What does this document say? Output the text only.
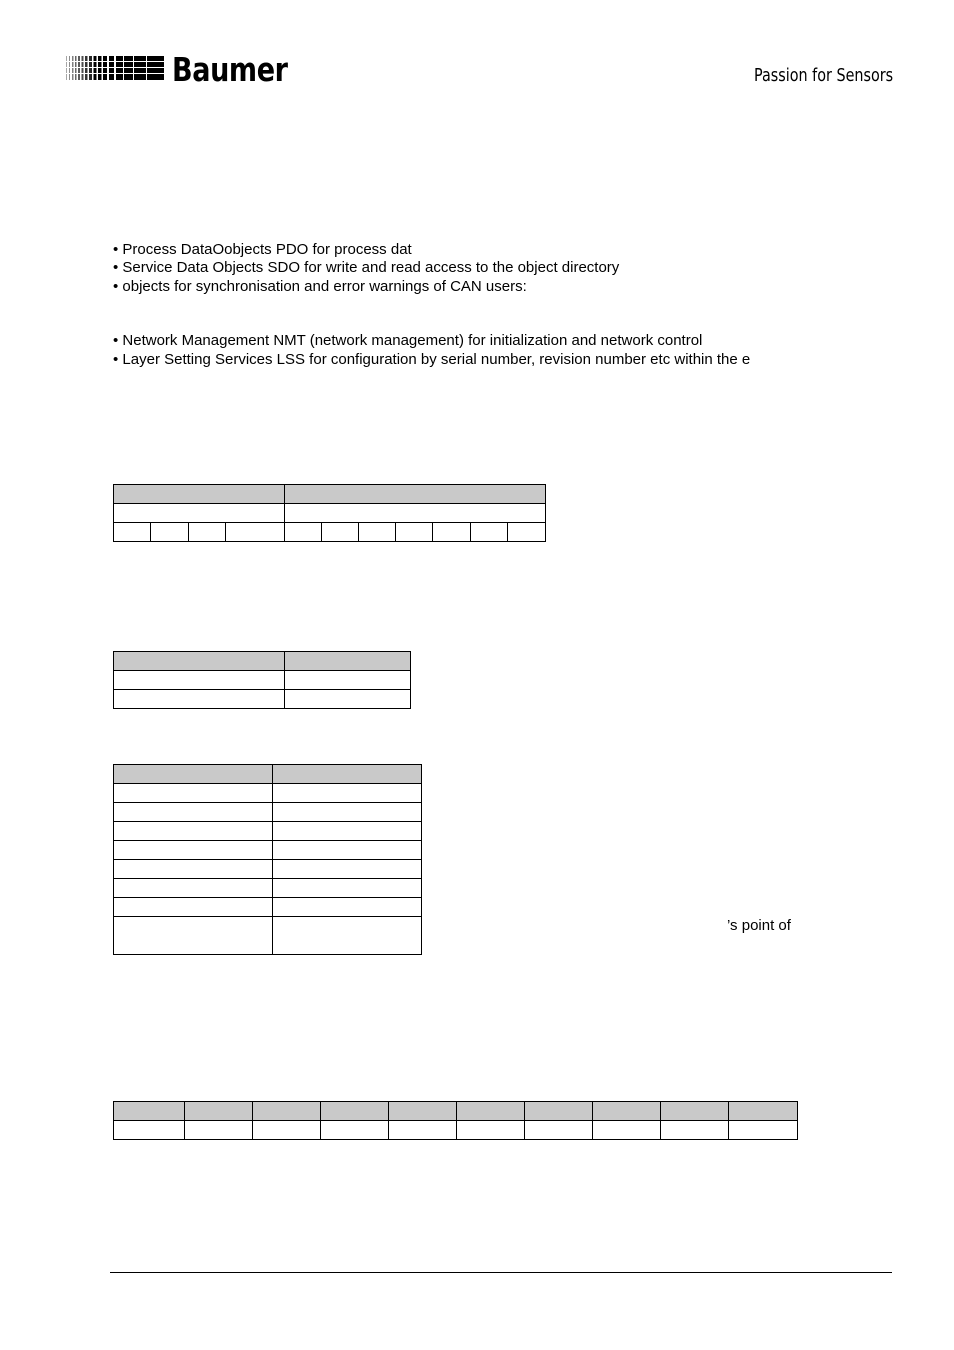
Baumer	Passion for Sensors
• Process DataOobjects PDO for process dat
• Service Data Objects SDO for write and read access to the object directory
• objects for synchronisation and error warnings of CAN users:
• Network Management NMT (network management) for initialization and network control
• Layer Setting Services LSS for configuration by serial number, revision number etc within the e

’s point of
